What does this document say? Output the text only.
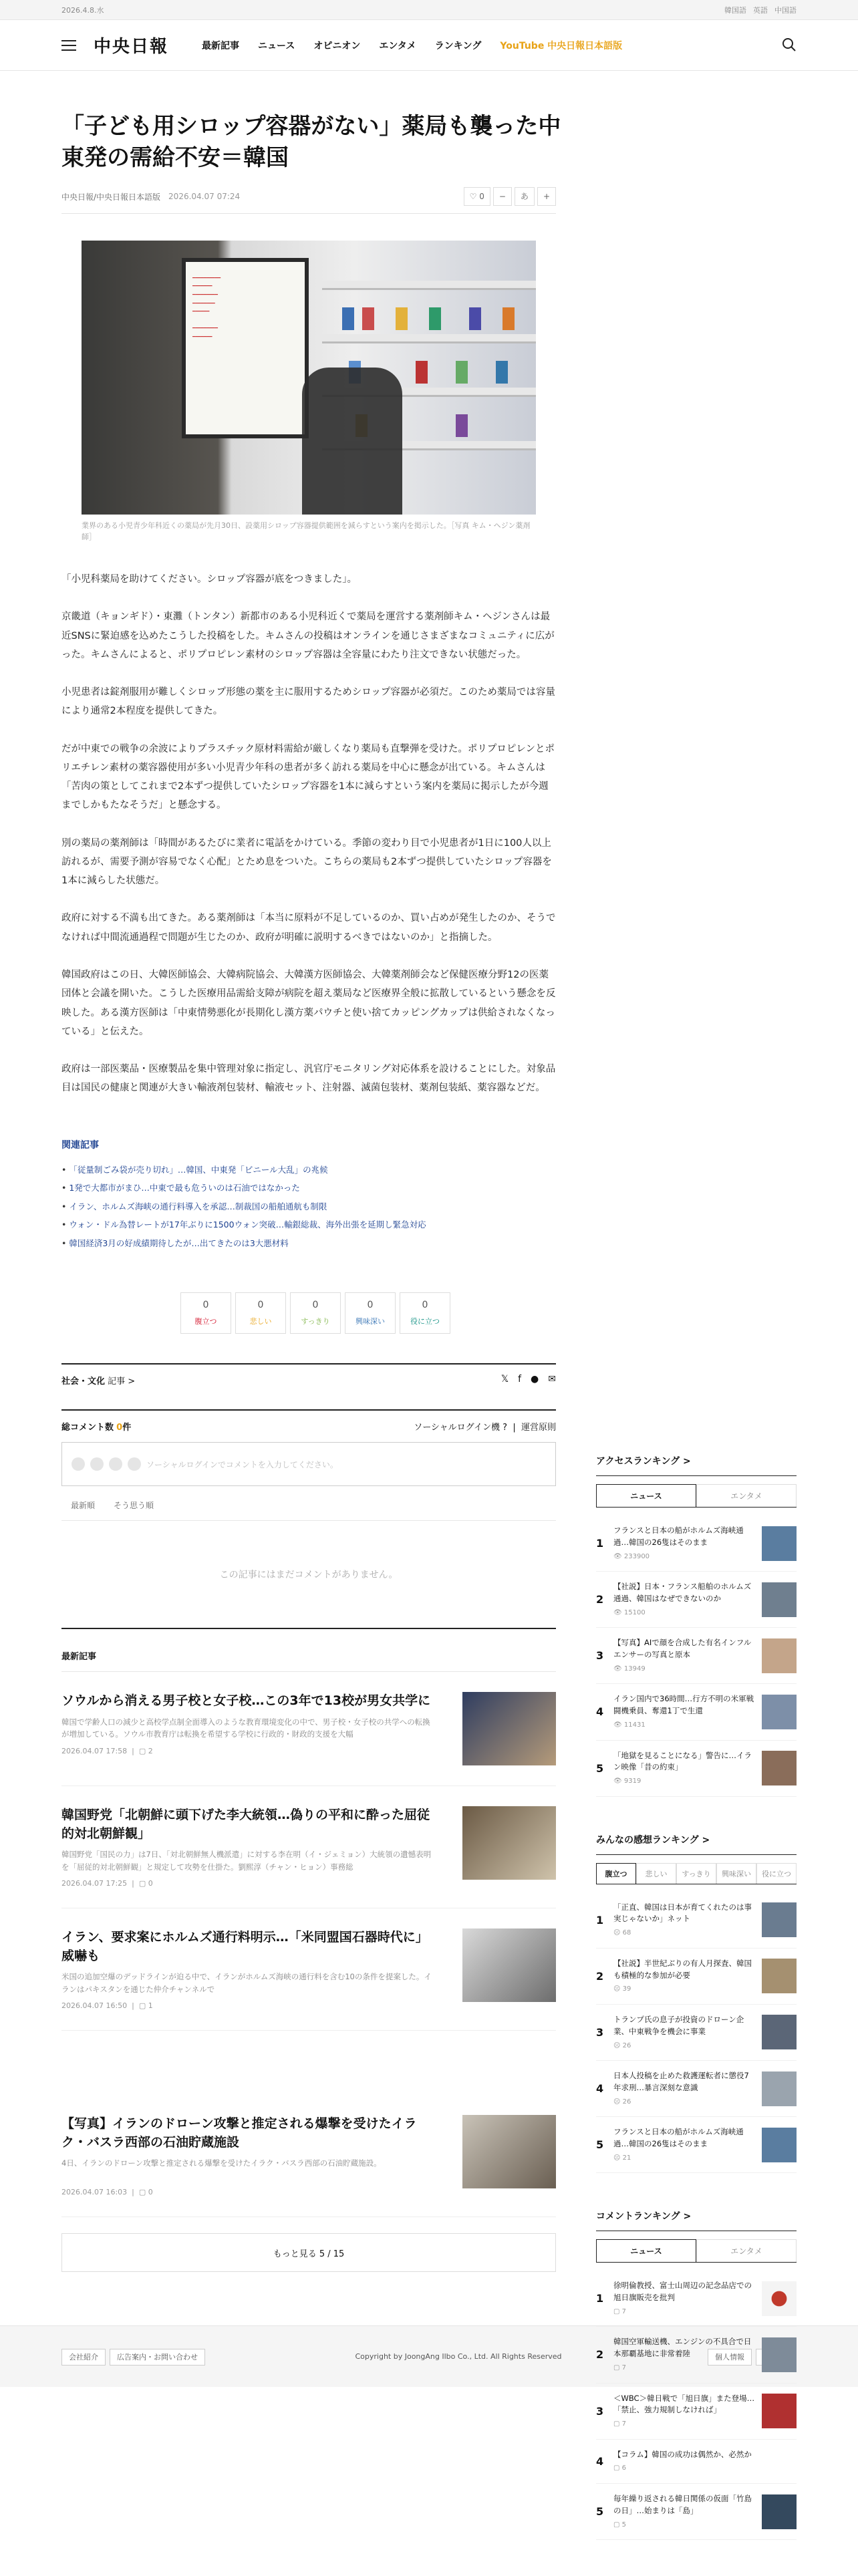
2026.4.8.水	韓国語 英語 中国語
中央日報	最新記事 ニュース オピニオン エンタメ ランキング YouTube 中央日報日本語版
「子ども用シロップ容器がない」薬局も襲った中東発の需給不安＝韓国
中央日報/中央日報日本語版 2026.04.07 07:24	♡ 0	−	あ	+
━━━━━━━━━━
━━━━━━━
━━━━━━━━━
━━━━━━━━
━━━━━━

━━━━━━━━━
━━━━━━━

業界のある小児青少年科近くの薬局が先月30日、設薬用シロップ容器提供範囲を減らすという案内を掲示した。［写真 キム・ヘジン薬剤師］

「小児科薬局を助けてください。シロップ容器が底をつきました」。

京畿道（キョンギド）・東灘（トンタン）新都市のある小児科近くで薬局を運営する薬剤師キム・ヘジンさんは最近SNSに緊迫感を込めたこうした投稿をした。キムさんの投稿はオンラインを通じさまざまなコミュニティに広がった。キムさんによると、ポリプロピレン素材のシロップ容器は全容量にわたり注文できない状態だった。

小児患者は錠剤服用が難しくシロップ形態の薬を主に服用するためシロップ容器が必須だ。このため薬局では容量により通常2本程度を提供してきた。

だが中東での戦争の余波によりプラスチック原材料需給が厳しくなり薬局も直撃弾を受けた。ポリプロピレンとポリエチレン素材の薬容器使用が多い小児青少年科の患者が多く訪れる薬局を中心に懸念が出ている。キムさんは「苦肉の策としてこれまで2本ずつ提供していたシロップ容器を1本に減らすという案内を薬局に掲示したが今週までしかもたなそうだ」と懸念する。

別の薬局の薬剤師は「時間があるたびに業者に電話をかけている。季節の変わり目で小児患者が1日に100人以上訪れるが、需要予測が容易でなく心配」とため息をついた。こちらの薬局も2本ずつ提供していたシロップ容器を1本に減らした状態だ。

政府に対する不満も出てきた。ある薬剤師は「本当に原料が不足しているのか、買い占めが発生したのか、そうでなければ中間流通過程で問題が生じたのか、政府が明確に説明するべきではないのか」と指摘した。

韓国政府はこの日、大韓医師協会、大韓病院協会、大韓漢方医師協会、大韓薬剤師会など保健医療分野12の医薬団体と会議を開いた。こうした医療用品需給支障が病院を超え薬局など医療界全般に拡散しているという懸念を反映した。ある漢方医師は「中東情勢悪化が長期化し漢方薬パウチと使い捨てカッピングカップは供給されなくなっている」と伝えた。

政府は一部医薬品・医療製品を集中管理対象に指定し、汎官庁モニタリング対応体系を設けることにした。対象品目は国民の健康と関連が大きい輸液剤包装材、輸液セット、注射器、滅菌包装材、薬剤包装紙、薬容器などだ。

関連記事
• 「従量制ごみ袋が売り切れ」…韓国、中東発「ビニール大乱」の兆候
• 1発で大都市がまひ…中東で最も危ういのは石油ではなかった
• イラン、ホルムズ海峡の通行料導入を承認…制裁国の船舶通航も制限
• ウォン・ドル為替レートが17年ぶりに1500ウォン突破…輸銀総裁、海外出張を延期し緊急対応
• 韓国経済3月の好成績期待したが…出てきたのは3大悪材料
0
腹立つ
0
悲しい
0
すっきり
0
興味深い
0
役に立つ
社会・文化 記事 >	𝕏 f ● ✉
総コメント数 0件	ソーシャルログイン機 ?  |  運営原則
ソーシャルログインでコメントを入力してください。
最新順 そう思う順
この記事にはまだコメントがありません。
最新記事
ソウルから消える男子校と女子校…この3年で13校が男女共学に
韓国で学齢人口の減少と高校学点制全面導入のような教育環境変化の中で、男子校・女子校の共学への転換が増加している。ソウル市教育庁は転換を希望する学校に行政的・財政的支援を大幅
2026.04.07 17:58  |  ▢ 2
韓国野党「北朝鮮に頭下げた李大統領…偽りの平和に酔った屈従的対北朝鮮観」
韓国野党「国民の力」は7日、「対北朝鮮無人機派遣」に対する李在明（イ・ジェミョン）大統領の遺憾表明を「屈従的対北朝鮮観」と規定して攻勢を仕掛た。劉熙淳（チャン・ヒョン）事務総
2026.04.07 17:25  |  ▢ 0
イラン、要求案にホルムズ通行料明示…「米同盟国石器時代に」威嚇も
米国の追加空爆のデッドラインが迫る中で、イランがホルムズ海峡の通行料を含む10の条件を提案した。イランはパキスタンを通じた仲介チャンネルで
2026.04.07 16:50  |  ▢ 1
【写真】イランのドローン攻撃と推定される爆撃を受けたイラク・バスラ西部の石油貯蔵施設
4日、イランのドローン攻撃と推定される爆撃を受けたイラク・バスラ西部の石油貯蔵施設。
2026.04.07 16:03  |  ▢ 0
もっと見る 5 / 15
アクセスランキング >
ニュース	エンタメ
1
フランスと日本の船がホルムズ海峡通過…韓国の26隻はそのまま
👁 233900
2
【社説】日本・フランス船舶のホルムズ通過、韓国はなぜできないのか
👁 15100
3
【写真】AIで顔を合成した有名インフルエンサーの写真と原本
👁 13949
4
イラン国内で36時間…行方不明の米軍戦闘機乗員、奪還1丁で生還
👁 11431
5
「地獄を見ることになる」警告に…イラン映像「昔の約束」
👁 9319
みんなの感想ランキング >
腹立つ	悲しい	すっきり	興味深い	役に立つ
1
「正直、韓国は日本が育てくれたのは事実じゃないか」ネット
☹ 68
2
【社説】半世紀ぶりの有人月探査、韓国も積極的な参加が必要
☹ 39
3
トランプ氏の息子が投資のドローン企業、中東戦争を機会に事業
☹ 26
4
日本人投稿を止めた救護運転者に懲役7年求刑…暴言深刻な意識
☹ 26
5
フランスと日本の船がホルムズ海峡通過…韓国の26隻はそのまま
☹ 21
コメントランキング >
ニュース	エンタメ
1
徐明倫教授、富士山周辺の記念品店での旭日旗販売を批判
▢ 7
2
韓国空軍輸送機、エンジンの不具合で日本那覇基地に非常着陸
▢ 7
3
＜WBC＞韓日戦で「旭日旗」また登場…「禁止、強力規制しなければ」
▢ 7
4
【コラム】韓国の成功は偶然か、必然か
▢ 6
5
毎年繰り返される韓日関係の仮面「竹島の日」…始まりは「島」
▢ 5
会社紹介	広告案内・お問い合わせ	Copyright by JoongAng Ilbo Co., Ltd. All Rights Reserved	個人情報
